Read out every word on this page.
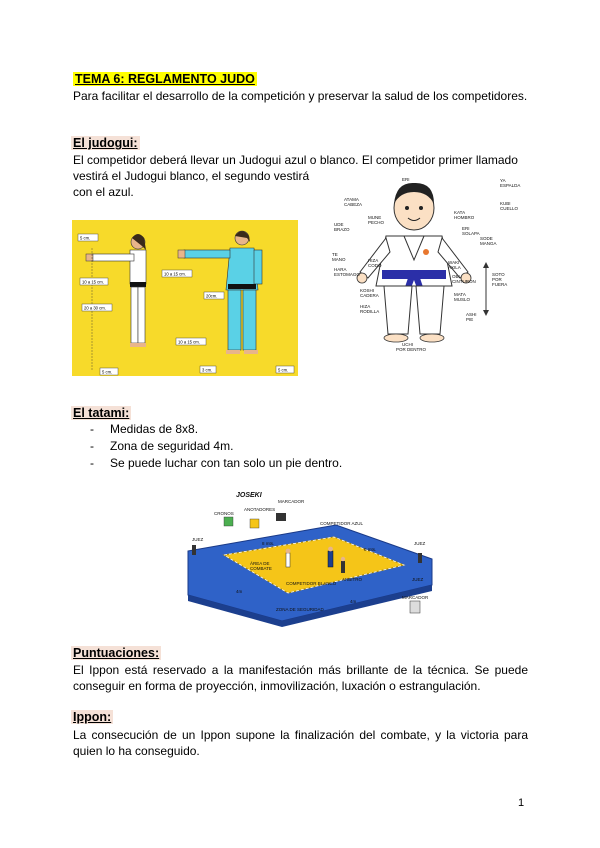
TEMA 6: REGLAMENTO JUDO
Para facilitar el desarrollo de la competición y preservar la salud de los competidores.
El judogui:
El competidor deberá llevar un Judogui azul o blanco. El competidor primer llamado
vestirá el Judogui blanco, el segundo vestirá
con el azul.
5 cm.
10 a 15 cm.
20 a 30 cm.
5 cm.
10 a 15 cm.
20cm.
10 a 15 cm.
3 cm.	5 cm.
ERI
ATAMA
CABEZA
MUNE
PECHO
UDE
BRAZO
TE
MANO
HARA
ESTOMAGO
HIZA
CODO
KOSHI
CADERA
HIZA
RODILLA
YA
ESPALDA
KUBI
CUELLO
KATA
HOMBRO
ERI
SOLAPA
SODE
MANGA
WAKI
AXILA
OBI
CINTURON
MATA
MUSLO
ASHI
PIE
SOTO
POR
FUERA
UCHI
POR DENTRO
El tatami:
- Medidas de 8x8.
- Zona de seguridad 4m.
- Se puede luchar con tan solo un pie dentro.
JOSEKI
CRONOS
ANOTADORES
MARCADOR
COMPETIDOR AZUL
JUEZ
JUEZ
JUEZ
ARBITRO
ÁREA DE
COMBATE
COMPETIDOR BLANCO
ZONA DE SEGURIDAD
4m
4m
8 mts.
8 mts.
MARCADOR
Puntuaciones:
El Ippon está reservado a la manifestación más brillante de la técnica. Se puede conseguir en forma de proyección, inmovilización, luxación o estrangulación.
Ippon:
La consecución de un Ippon supone la finalización del combate, y la victoria para quien lo ha conseguido.
1
